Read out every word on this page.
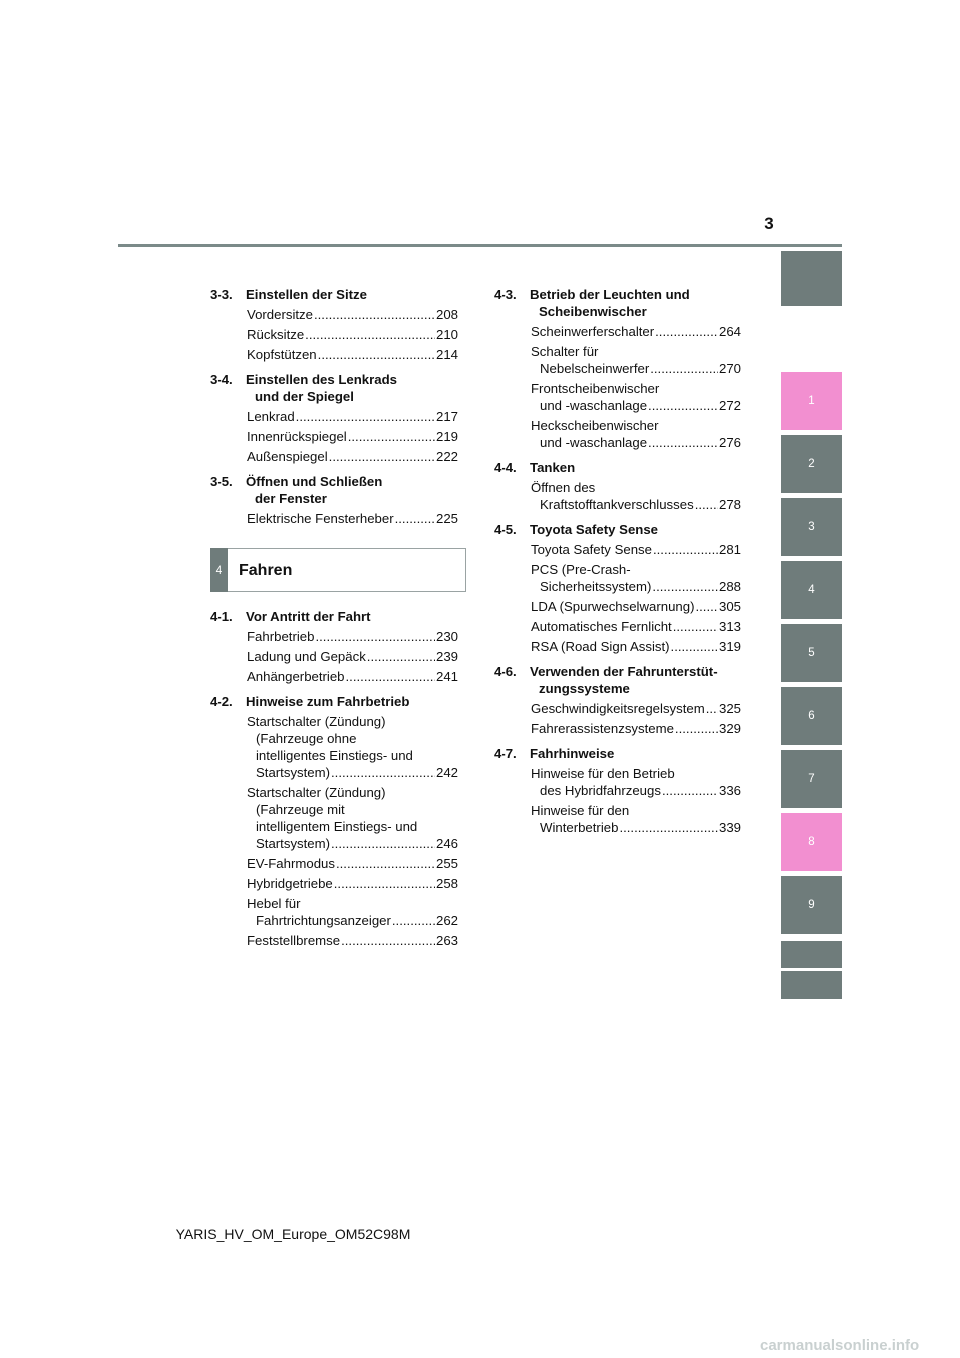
3
3-3.	Einstellen der Sitze
Vordersitze .....	208
Rücksitze .....	210
Kopfstützen .....	214
3-4.	Einstellen des Lenkrads
und der Spiegel
Lenkrad .....	217
Innenrückspiegel .....	219
Außenspiegel .....	222
3-5.	Öffnen und Schließen
der Fenster
Elektrische Fensterheber .....	225
4	Fahren
4-1.	Vor Antritt der Fahrt
Fahrbetrieb .....	230
Ladung und Gepäck .....	239
Anhängerbetrieb .....	241
4-2.	Hinweise zum Fahrbetrieb
Startschalter (Zündung)
(Fahrzeuge ohne
intelligentes Einstiegs- und
Startsystem) .....	242
Startschalter (Zündung)
(Fahrzeuge mit
intelligentem Einstiegs- und
Startsystem) .....	246
EV-Fahrmodus .....	255
Hybridgetriebe .....	258
Hebel für
Fahrtrichtungsanzeiger .....	262
Feststellbremse .....	263
4-3.	Betrieb der Leuchten und
Scheibenwischer
Scheinwerferschalter .....	264
Schalter für
Nebelscheinwerfer .....	270
Frontscheibenwischer
und -waschanlage .....	272
Heckscheibenwischer
und -waschanlage .....	276
4-4.	Tanken
Öffnen des
Kraftstofftankverschlusses ..... 278
4-5.	Toyota Safety Sense
Toyota Safety Sense .....	281
PCS (Pre-Crash-
Sicherheitssystem) .....	288
LDA (Spurwechselwarnung) ..... 305
Automatisches Fernlicht .....	313
RSA (Road Sign Assist) .....	319
4-6.	Verwenden der Fahrunterstüt-
zungssysteme
Geschwindigkeitsregelsystem ..... 325
Fahrerassistenzsysteme .....	329
4-7.	Fahrhinweise
Hinweise für den Betrieb
des Hybridfahrzeugs .....	336
Hinweise für den
Winterbetrieb .....	339
1
2
3
4
5
6
7
8
9
YARIS_HV_OM_Europe_OM52C98M
carmanualsonline.info
